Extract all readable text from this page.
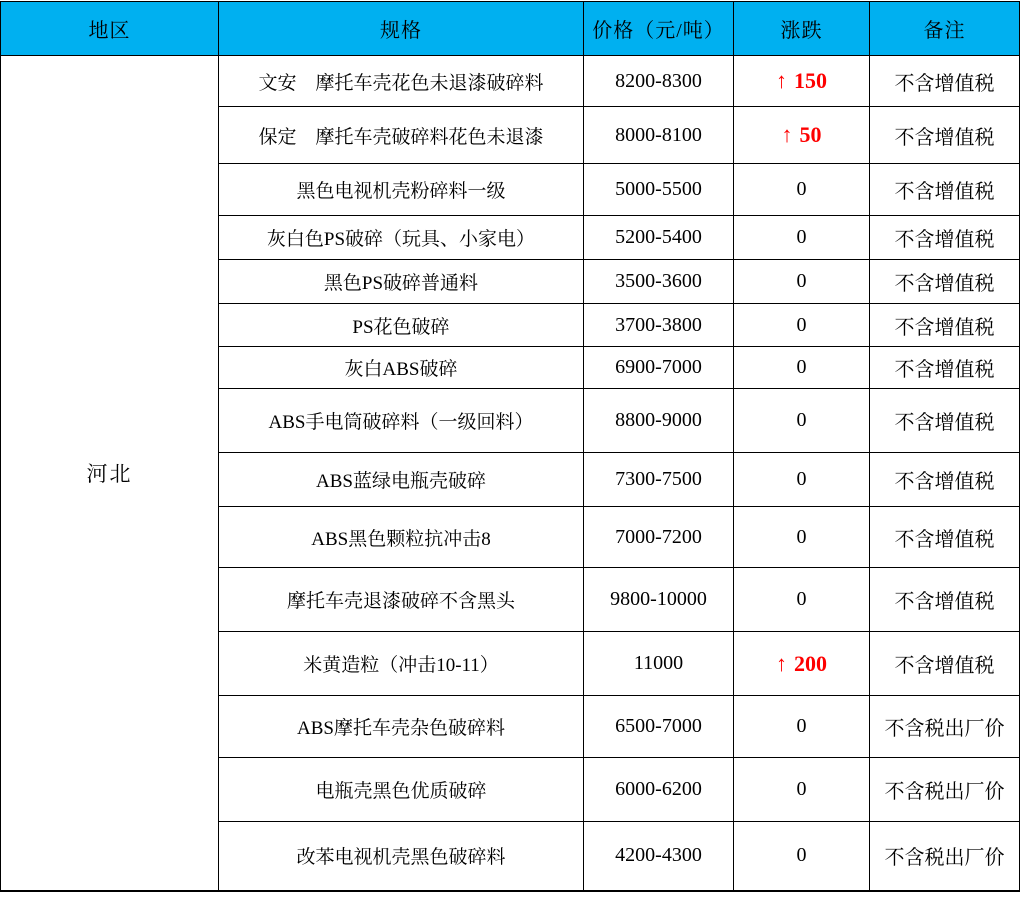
地区	规格	价格（元/吨）	涨跌	备注
河北	文安　摩托车壳花色未退漆破碎料	8200-8300	↑ 150	不含增值税
	保定　摩托车壳破碎料花色未退漆	8000-8100	↑ 50	不含增值税
	黑色电视机壳粉碎料一级	5000-5500	0	不含增值税
	灰白色PS破碎（玩具、小家电）	5200-5400	0	不含增值税
	黑色PS破碎普通料	3500-3600	0	不含增值税
	PS花色破碎	3700-3800	0	不含增值税
	灰白ABS破碎	6900-7000	0	不含增值税
	ABS手电筒破碎料（一级回料）	8800-9000	0	不含增值税
	ABS蓝绿电瓶壳破碎	7300-7500	0	不含增值税
	ABS黑色颗粒抗冲击8	7000-7200	0	不含增值税
	摩托车壳退漆破碎不含黑头	9800-10000	0	不含增值税
	米黄造粒（冲击10-11）	11000	↑ 200	不含增值税
	ABS摩托车壳杂色破碎料	6500-7000	0	不含税出厂价
	电瓶壳黑色优质破碎	6000-6200	0	不含税出厂价
	改苯电视机壳黑色破碎料	4200-4300	0	不含税出厂价
